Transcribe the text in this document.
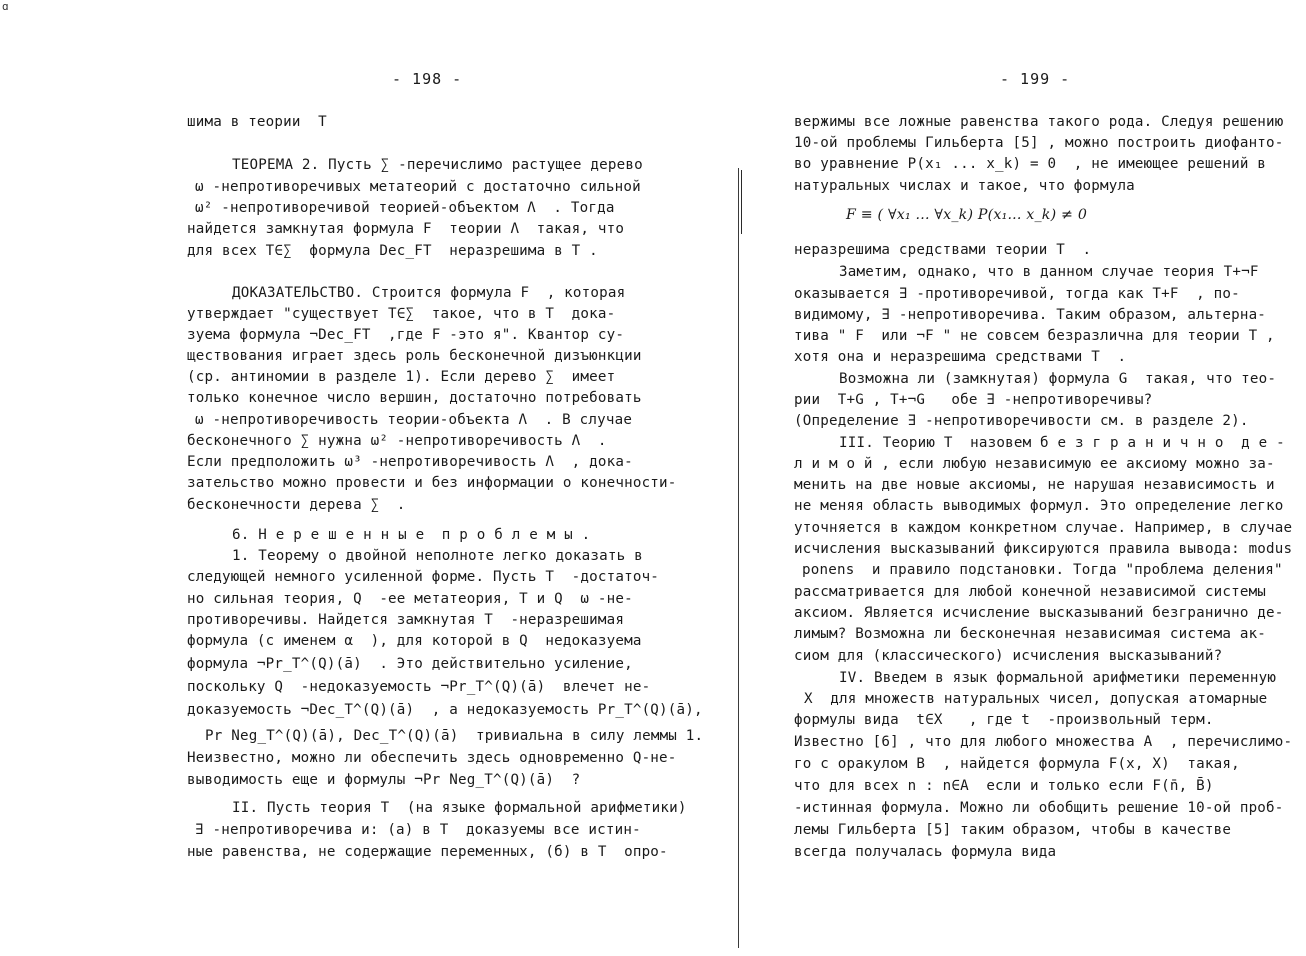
ɑ
- 198 -
шима в теории  T
ТЕОРЕМА 2. Пусть ∑ -перечислимо растущее дерево
ω -непротиворечивых метатеорий с достаточно сильной
ω² -непротиворечивой теорией-объектом Λ  . Тогда
найдется замкнутая формула F  теории Λ  такая, что
для всех T∈∑  формула Dec_FT  неразрешима в T .
ДОКАЗАТЕЛЬСТВО. Строится формула F  , которая
утверждает "существует T∈∑  такое, что в T  дока-
зуема формула ¬Dec_FT  ,где F -это я". Квантор су-
ществования играет здесь роль бесконечной дизъюнкции
(ср. антиномии в разделе 1). Если дерево ∑  имеет
только конечное число вершин, достаточно потребовать
ω -непротиворечивость теории-объекта Λ  . В случае
бесконечного ∑ нужна ω² -непротиворечивость Λ  .
Если предположить ω³ -непротиворечивость Λ  , дока-
зательство можно провести и без информации о конечности-
бесконечности дерева ∑  .
6. Н е р е ш е н н ы е  п р о б л е м ы .
1. Теорему о двойной неполноте легко доказать в
следующей немного усиленной форме. Пусть T  -достаточ-
но сильная теория, Q  -ее метатеория, T и Q  ω -не-
противоречивы. Найдется замкнутая T  -неразрешимая
формула (с именем α  ), для которой в Q  недоказуема
формула ¬Pr_T^(Q)(ā)  . Это действительно усиление,
поскольку Q  -недоказуемость ¬Pr_T^(Q)(ā)  влечет не-
доказуемость ¬Dec_T^(Q)(ā)  , а недоказуемость Pr_T^(Q)(ā),
Pr Neg_T^(Q)(ā), Dec_T^(Q)(ā)  тривиальна в силу леммы 1.
Неизвестно, можно ли обеспечить здесь одновременно Q-не-
выводимость еще и формулы ¬Pr Neg_T^(Q)(ā)  ?
II. Пусть теория T  (на языке формальной арифметики)
∃ -непротиворечива и: (а) в T  доказуемы все истин-
ные равенства, не содержащие переменных, (б) в T  опро-
- 199 -
вержимы все ложные равенства такого рода. Следуя решению
10-ой проблемы Гильберта [5] , можно построить диофанто-
во уравнение P(x₁ ... x_k) = 0  , не имеющее решений в
натуральных числах и такое, что формула
F ≡ ( ∀x₁ ... ∀x_k) P(x₁... x_k) ≠ 0
неразрешима средствами теории T  .
Заметим, однако, что в данном случае теория T+¬F
оказывается ∃ -противоречивой, тогда как T+F  , по-
видимому, ∃ -непротиворечива. Таким образом, альтерна-
тива " F  или ¬F " не совсем безразлична для теории T ,
хотя она и неразрешима средствами T  .
Возможна ли (замкнутая) формула G  такая, что тео-
рии  T+G , T+¬G   обе ∃ -непротиворечивы?
(Определение ∃ -непротиворечивости см. в разделе 2).
III. Теорию T  назовем б е з г р а н и ч н о  д е -
л и м о й , если любую независимую ее аксиому можно за-
менить на две новые аксиомы, не нарушая независимость и
не меняя область выводимых формул. Это определение легко
уточняется в каждом конкретном случае. Например, в случае
исчисления высказываний фиксируются правила вывода: modus
ponens  и правило подстановки. Тогда "проблема деления"
рассматривается для любой конечной независимой системы
аксиом. Является исчисление высказываний безгранично де-
лимым? Возможна ли бесконечная независимая система ак-
сиом для (классического) исчисления высказываний?
IV. Введем в язык формальной арифметики переменную
X  для множеств натуральных чисел, допуская атомарные
формулы вида  t∈X   , где t  -произвольный терм.
Известно [6] , что для любого множества A  , перечислимо-
го с оракулом B  , найдется формула F(x, X)  такая,
что для всех n : n∈A  если и только если F(n̄, B̄)
-истинная формула. Можно ли обобщить решение 10-ой проб-
лемы Гильберта [5] таким образом, чтобы в качестве
всегда получалась формула вида
